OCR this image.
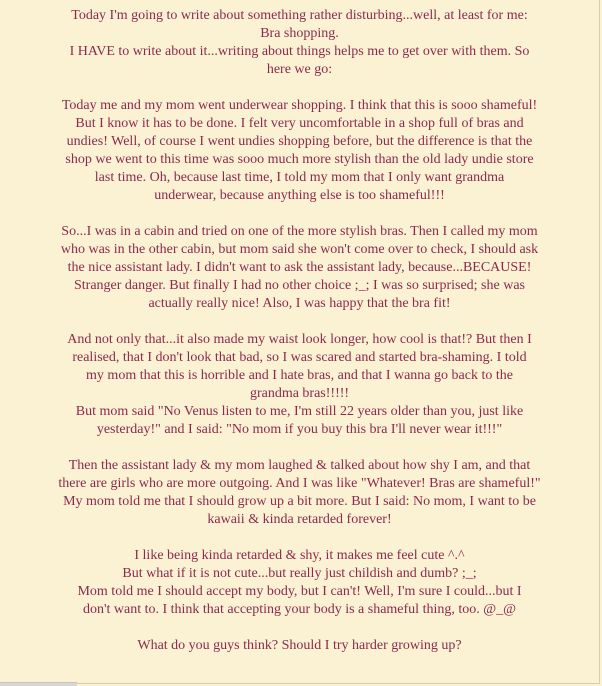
Today I'm going to write about something rather disturbing...well, at least for me:
Bra shopping.
I HAVE to write about it...writing about things helps me to get over with them. So
here we go:

Today me and my mom went underwear shopping. I think that this is sooo shameful!
But I know it has to be done. I felt very uncomfortable in a shop full of bras and
undies! Well, of course I went undies shopping before, but the difference is that the
shop we went to this time was sooo much more stylish than the old lady undie store
last time. Oh, because last time, I told my mom that I only want grandma
underwear, because anything else is too shameful!!!

So...I was in a cabin and tried on one of the more stylish bras. Then I called my mom
who was in the other cabin, but mom said she won't come over to check, I should ask
the nice assistant lady. I didn't want to ask the assistant lady, because...BECAUSE!
Stranger danger. But finally I had no other choice ;_; I was so surprised; she was
actually really nice! Also, I was happy that the bra fit!

And not only that...it also made my waist look longer, how cool is that!? But then I
realised, that I don't look that bad, so I was scared and started bra-shaming. I told
my mom that this is horrible and I hate bras, and that I wanna go back to the
grandma bras!!!!!
But mom said "No Venus listen to me, I'm still 22 years older than you, just like
yesterday!" and I said: "No mom if you buy this bra I'll never wear it!!!"

Then the assistant lady & my mom laughed & talked about how shy I am, and that
there are girls who are more outgoing. And I was like "Whatever! Bras are shameful!"
My mom told me that I should grow up a bit more. But I said: No mom, I want to be
kawaii & kinda retarded forever!

I like being kinda retarded & shy, it makes me feel cute ^.^
But what if it is not cute...but really just childish and dumb? ;_;
Mom told me I should accept my body, but I can't! Well, I'm sure I could...but I
don't want to. I think that accepting your body is a shameful thing, too. @_@

What do you guys think? Should I try harder growing up?
